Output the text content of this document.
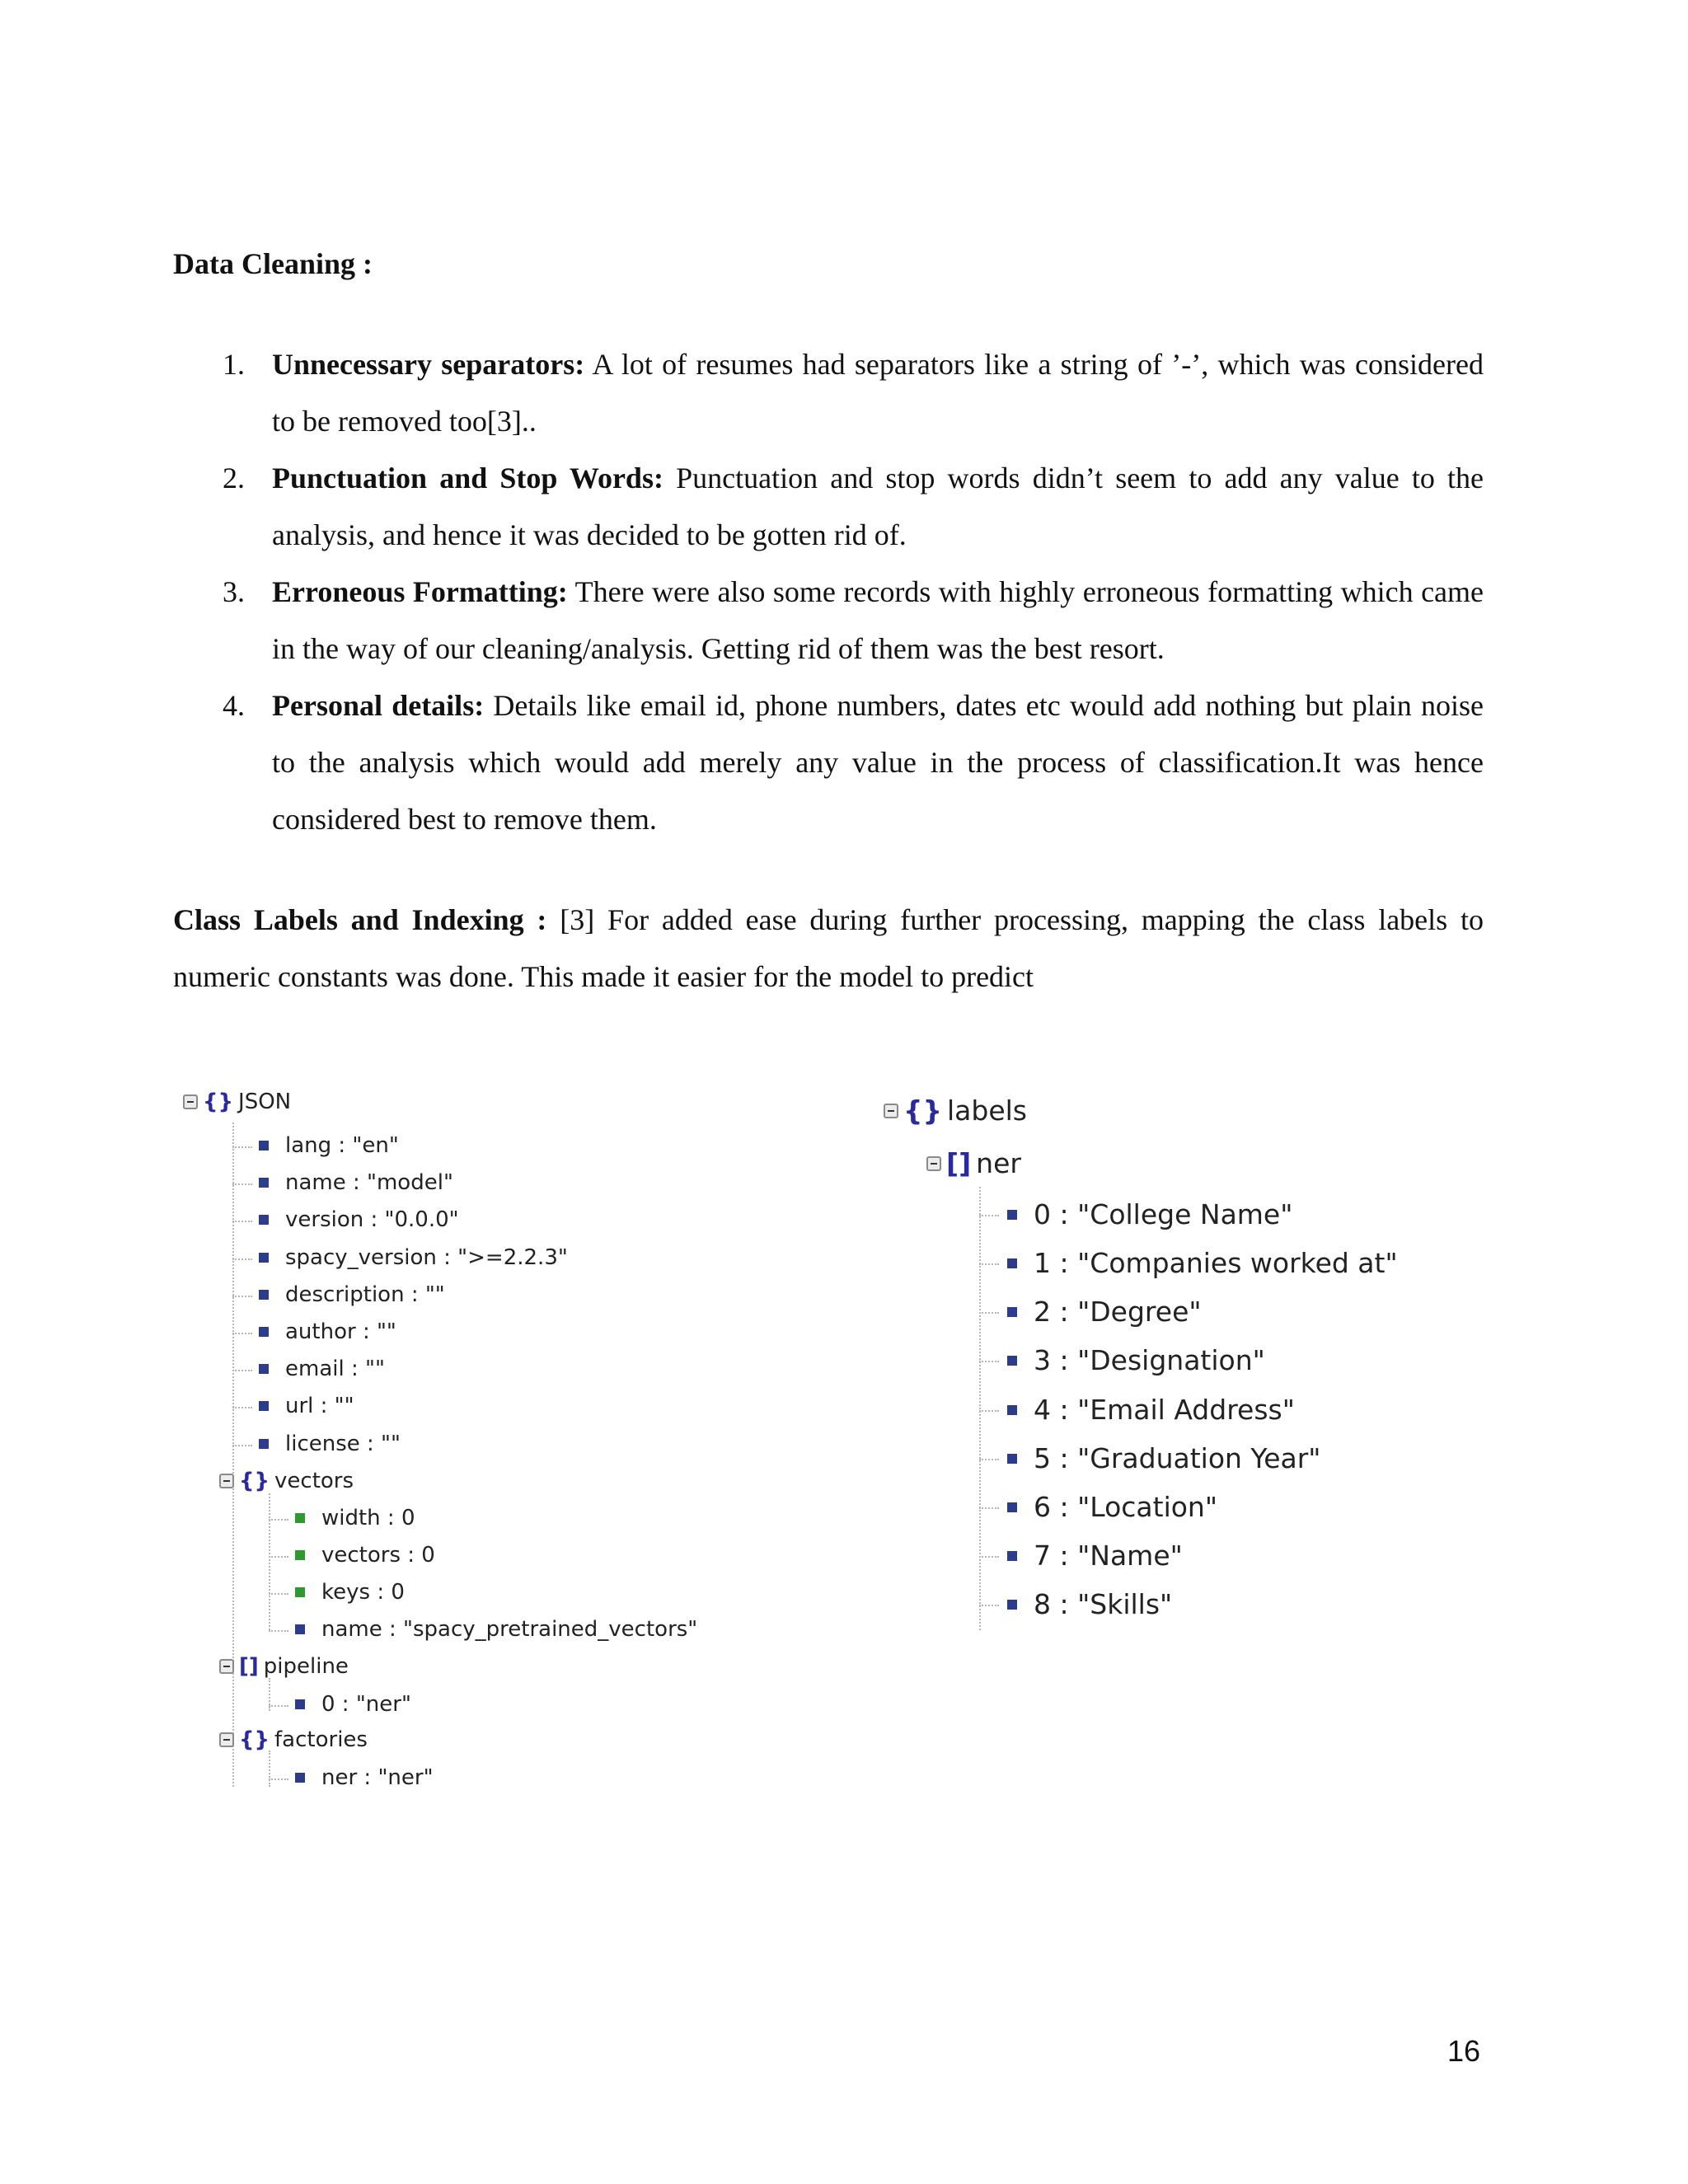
Data Cleaning :
1. Unnecessary separators: A lot of resumes had separators like a string of ’-’, which was considered to be removed too[3]..
2. Punctuation and Stop Words: Punctuation and stop words didn’t seem to add any value to the analysis, and hence it was decided to be gotten rid of.
3. Erroneous Formatting: There were also some records with highly erroneous formatting which came in the way of our cleaning/analysis. Getting rid of them was the best resort.
4. Personal details: Details like email id, phone numbers, dates etc would add nothing but plain noise to the analysis which would add merely any value in the process of classification.It was hence considered best to remove them.
Class Labels and Indexing : [3] For added ease during further processing, mapping the class labels to numeric constants was done. This made it easier for the model to predict
{} JSON
lang : "en"
name : "model"
version : "0.0.0"
spacy_version : ">=2.2.3"
description : ""
author : ""
email : ""
url : ""
license : ""
{} vectors
width : 0
vectors : 0
keys : 0
name : "spacy_pretrained_vectors"
[] pipeline
0 : "ner"
{} factories
ner : "ner"
{} labels
[] ner
0 : "College Name"
1 : "Companies worked at"
2 : "Degree"
3 : "Designation"
4 : "Email Address"
5 : "Graduation Year"
6 : "Location"
7 : "Name"
8 : "Skills"
16
